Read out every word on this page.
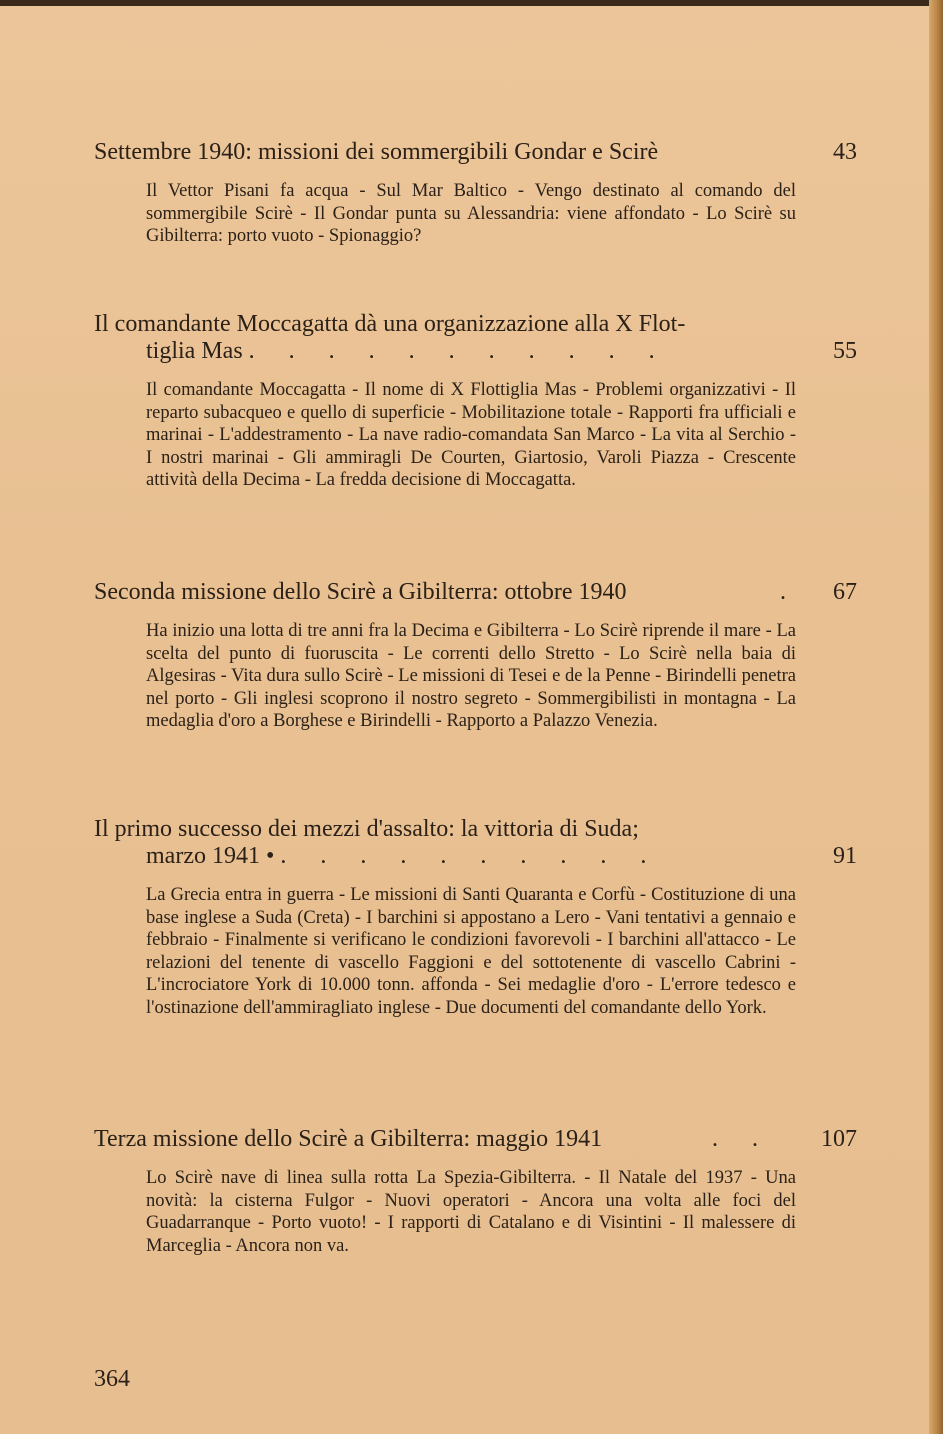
Settembre 1940: missioni dei sommergibili Gondar e Scirè	43
Il Vettor Pisani fa acqua - Sul Mar Baltico - Vengo destinato al comando del sommergibile Scirè - Il Gondar punta su Alessandria: viene affondato - Lo Scirè su Gibilterra: porto vuoto - Spionaggio?
Il comandante Moccagatta dà una organizzazione alla X Flot-
tiglia Mas . . . . . . . . . . .	55
Il comandante Moccagatta - Il nome di X Flottiglia Mas - Problemi organizzativi - Il reparto subacqueo e quello di superficie - Mobilitazione totale - Rapporti fra ufficiali e marinai - L'addestramento - La nave radio-comandata San Marco - La vita al Serchio - I nostri marinai - Gli ammiragli De Courten, Giartosio, Varoli Piazza - Crescente attività della Decima - La fredda decisione di Moccagatta.
Seconda missione dello Scirè a Gibilterra: ottobre 1940	. 67
Ha inizio una lotta di tre anni fra la Decima e Gibilterra - Lo Scirè riprende il mare - La scelta del punto di fuoruscita - Le correnti dello Stretto - Lo Scirè nella baia di Algesiras - Vita dura sullo Scirè - Le missioni di Tesei e de la Penne - Birindelli penetra nel porto - Gli inglesi scoprono il nostro segreto - Sommergibilisti in montagna - La medaglia d'oro a Borghese e Birindelli - Rapporto a Palazzo Venezia.
Il primo successo dei mezzi d'assalto: la vittoria di Suda;
marzo 1941 • . . . . . . . . . .	91
La Grecia entra in guerra - Le missioni di Santi Quaranta e Corfù - Costituzione di una base inglese a Suda (Creta) - I barchini si appostano a Lero - Vani tentativi a gennaio e febbraio - Finalmente si verificano le condizioni favorevoli - I barchini all'attacco - Le relazioni del tenente di vascello Faggioni e del sottotenente di vascello Cabrini - L'incrociatore York di 10.000 tonn. affonda - Sei medaglie d'oro - L'errore tedesco e l'ostinazione dell'ammiragliato inglese - Due documenti del comandante dello York.
Terza missione dello Scirè a Gibilterra: maggio 1941	. . 107
Lo Scirè nave di linea sulla rotta La Spezia-Gibilterra. - Il Natale del 1937 - Una novità: la cisterna Fulgor - Nuovi operatori - Ancora una volta alle foci del Guadarranque - Porto vuoto! - I rapporti di Catalano e di Visintini - Il malessere di Marceglia - Ancora non va.
364
